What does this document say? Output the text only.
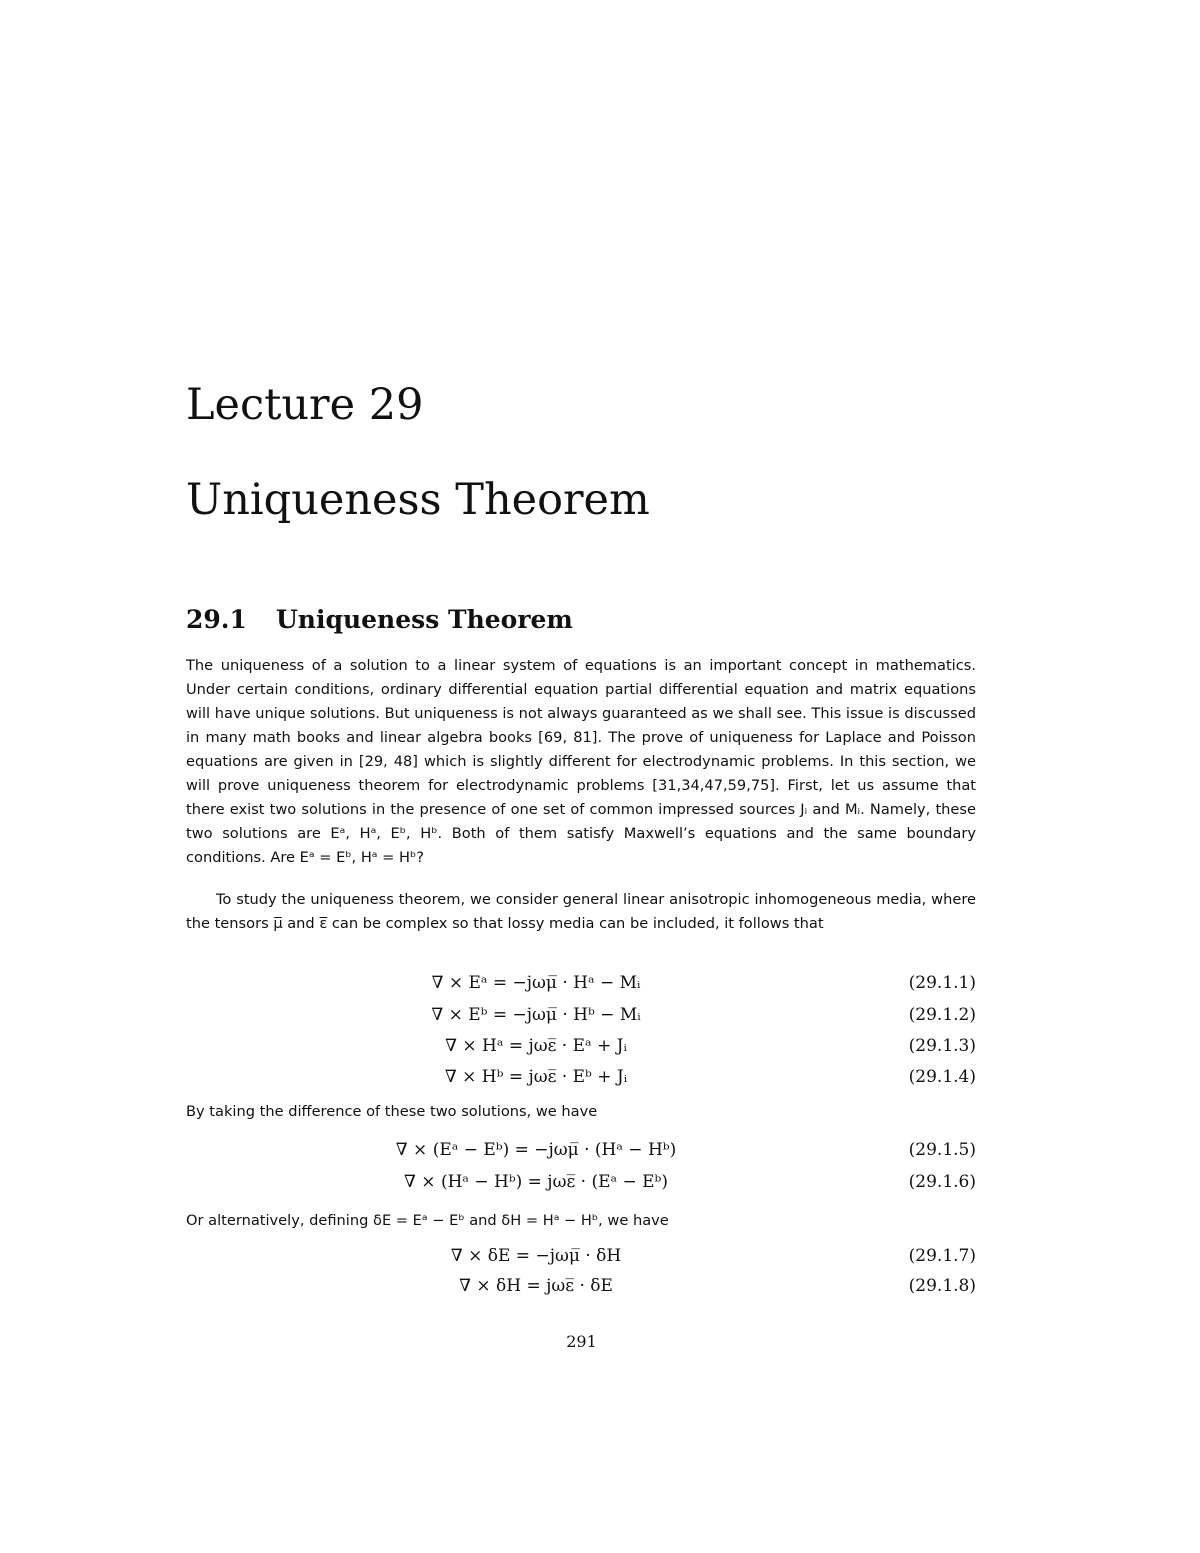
Lecture 29
Uniqueness Theorem
29.1 Uniqueness Theorem
The uniqueness of a solution to a linear system of equations is an important concept in mathematics. Under certain conditions, ordinary differential equation partial differential equation and matrix equations will have unique solutions. But uniqueness is not always guaranteed as we shall see. This issue is discussed in many math books and linear algebra books [69, 81]. The prove of uniqueness for Laplace and Poisson equations are given in [29, 48] which is slightly different for electrodynamic problems. In this section, we will prove uniqueness theorem for electrodynamic problems [31,34,47,59,75]. First, let us assume that there exist two solutions in the presence of one set of common impressed sources Jᵢ and Mᵢ. Namely, these two solutions are Eᵃ, Hᵃ, Eᵇ, Hᵇ. Both of them satisfy Maxwell’s equations and the same boundary conditions. Are Eᵃ = Eᵇ, Hᵃ = Hᵇ?
To study the uniqueness theorem, we consider general linear anisotropic inhomogeneous media, where the tensors μ̅ and ε̅ can be complex so that lossy media can be included, it follows that
∇ × Eᵃ = −jωμ̅ · Hᵃ − Mᵢ	(29.1.1)
∇ × Eᵇ = −jωμ̅ · Hᵇ − Mᵢ	(29.1.2)
∇ × Hᵃ = jωε̅ · Eᵃ + Jᵢ	(29.1.3)
∇ × Hᵇ = jωε̅ · Eᵇ + Jᵢ	(29.1.4)
By taking the difference of these two solutions, we have
∇ × (Eᵃ − Eᵇ) = −jωμ̅ · (Hᵃ − Hᵇ)	(29.1.5)
∇ × (Hᵃ − Hᵇ) = jωε̅ · (Eᵃ − Eᵇ)	(29.1.6)
Or alternatively, defining δE = Eᵃ − Eᵇ and δH = Hᵃ − Hᵇ, we have
∇ × δE = −jωμ̅ · δH	(29.1.7)
∇ × δH = jωε̅ · δE	(29.1.8)
291
